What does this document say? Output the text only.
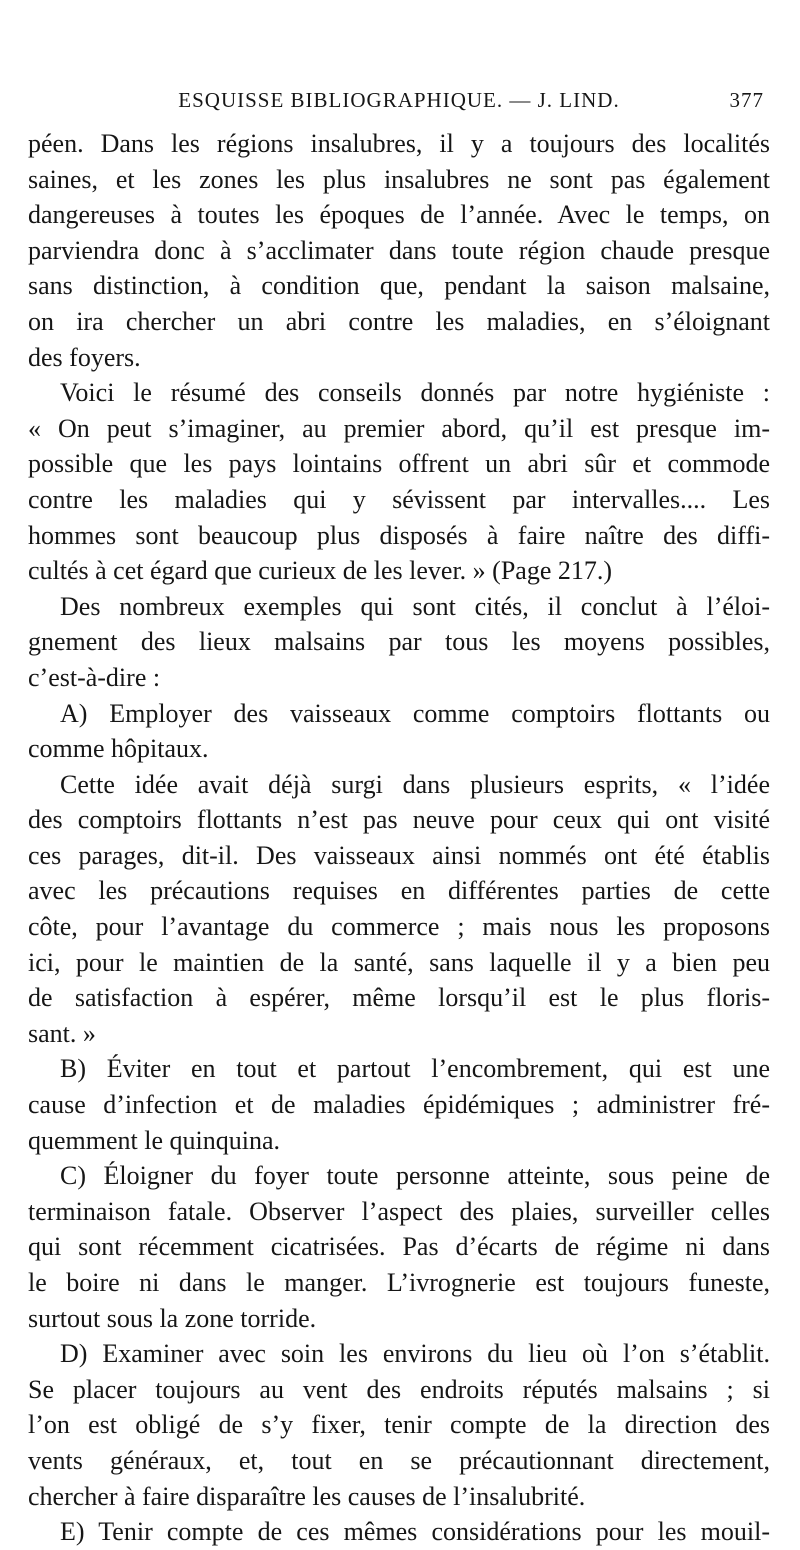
ESQUISSE BIBLIOGRAPHIQUE. — J. LIND.	377
péen. Dans les régions insalubres, il y a toujours des localités
saines, et les zones les plus insalubres ne sont pas également
dangereuses à toutes les époques de l’année. Avec le temps, on
parviendra donc à s’acclimater dans toute région chaude presque
sans distinction, à condition que, pendant la saison malsaine,
on ira chercher un abri contre les maladies, en s’éloignant
des foyers.
Voici le résumé des conseils donnés par notre hygiéniste :
« On peut s’imaginer, au premier abord, qu’il est presque im-
possible que les pays lointains offrent un abri sûr et commode
contre les maladies qui y sévissent par intervalles.... Les
hommes sont beaucoup plus disposés à faire naître des diffi-
cultés à cet égard que curieux de les lever. » (Page 217.)
Des nombreux exemples qui sont cités, il conclut à l’éloi-
gnement des lieux malsains par tous les moyens possibles,
c’est-à-dire :
A) Employer des vaisseaux comme comptoirs flottants ou
comme hôpitaux.
Cette idée avait déjà surgi dans plusieurs esprits, « l’idée
des comptoirs flottants n’est pas neuve pour ceux qui ont visité
ces parages, dit-il. Des vaisseaux ainsi nommés ont été établis
avec les précautions requises en différentes parties de cette
côte, pour l’avantage du commerce ; mais nous les proposons
ici, pour le maintien de la santé, sans laquelle il y a bien peu
de satisfaction à espérer, même lorsqu’il est le plus floris-
sant. »
B) Éviter en tout et partout l’encombrement, qui est une
cause d’infection et de maladies épidémiques ; administrer fré-
quemment le quinquina.
C) Éloigner du foyer toute personne atteinte, sous peine de
terminaison fatale. Observer l’aspect des plaies, surveiller celles
qui sont récemment cicatrisées. Pas d’écarts de régime ni dans
le boire ni dans le manger. L’ivrognerie est toujours funeste,
surtout sous la zone torride.
D) Examiner avec soin les environs du lieu où l’on s’établit.
Se placer toujours au vent des endroits réputés malsains ; si
l’on est obligé de s’y fixer, tenir compte de la direction des
vents généraux, et, tout en se précautionnant directement,
chercher à faire disparaître les causes de l’insalubrité.
E) Tenir compte de ces mêmes considérations pour les mouil-
